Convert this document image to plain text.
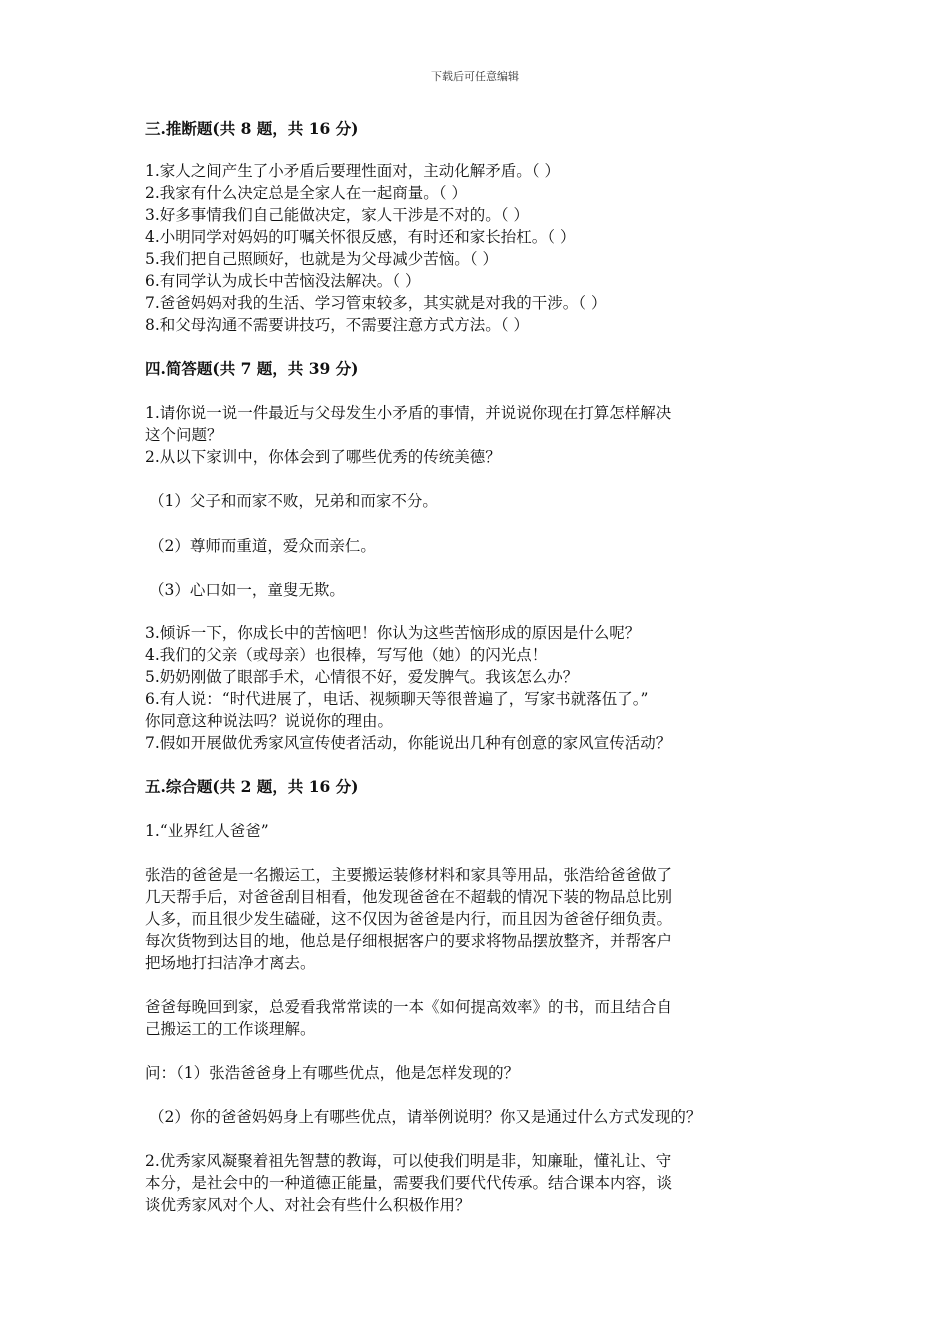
下载后可任意编辑
三.推断题(共 8 题，共 16 分)
1.家人之间产生了小矛盾后要理性面对，主动化解矛盾。（ ）
2.我家有什么决定总是全家人在一起商量。（ ）
3.好多事情我们自己能做决定，家人干涉是不对的。（ ）
4.小明同学对妈妈的叮嘱关怀很反感，有时还和家长抬杠。（ ）
5.我们把自己照顾好，也就是为父母减少苦恼。（ ）
6.有同学认为成长中苦恼没法解决。（ ）
7.爸爸妈妈对我的生活、学习管束较多，其实就是对我的干涉。（ ）
8.和父母沟通不需要讲技巧，不需要注意方式方法。（ ）
四.简答题(共 7 题，共 39 分)
1.请你说一说一件最近与父母发生小矛盾的事情，并说说你现在打算怎样解决
这个问题？
2.从以下家训中，你体会到了哪些优秀的传统美德？
（1）父子和而家不败，兄弟和而家不分。
（2）尊师而重道，爱众而亲仁。
（3）心口如一，童叟无欺。
3.倾诉一下，你成长中的苦恼吧！你认为这些苦恼形成的原因是什么呢？
4.我们的父亲（或母亲）也很棒，写写他（她）的闪光点！
5.奶奶刚做了眼部手术，心情很不好，爱发脾气。我该怎么办？
6.有人说：“时代进展了，电话、视频聊天等很普遍了，写家书就落伍了。”
你同意这种说法吗？说说你的理由。
7.假如开展做优秀家风宣传使者活动，你能说出几种有创意的家风宣传活动？
五.综合题(共 2 题，共 16 分)
1.“业界红人爸爸”
张浩的爸爸是一名搬运工，主要搬运装修材料和家具等用品，张浩给爸爸做了
几天帮手后，对爸爸刮目相看，他发现爸爸在不超载的情况下装的物品总比别
人多，而且很少发生磕碰，这不仅因为爸爸是内行，而且因为爸爸仔细负责。
每次货物到达目的地，他总是仔细根据客户的要求将物品摆放整齐，并帮客户
把场地打扫洁净才离去。
爸爸每晚回到家，总爱看我常常读的一本《如何提高效率》的书，而且结合自
己搬运工的工作谈理解。
问：（1）张浩爸爸身上有哪些优点，他是怎样发现的？
（2）你的爸爸妈妈身上有哪些优点，请举例说明？你又是通过什么方式发现的？
2.优秀家风凝聚着祖先智慧的教诲，可以使我们明是非，知廉耻，懂礼让、守
本分，是社会中的一种道德正能量，需要我们要代代传承。结合课本内容，谈
谈优秀家风对个人、对社会有些什么积极作用？
